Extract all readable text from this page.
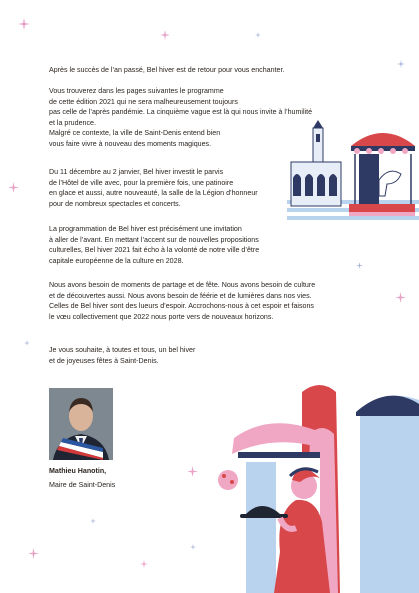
Après le succès de l’an passé, Bel hiver est de retour pour vous enchanter.

Vous trouverez dans les pages suivantes le programme
de cette édition 2021 qui ne sera malheureusement toujours
pas celle de l’après pandémie. La cinquième vague est là qui nous invite à l’humilité
et la prudence.
Malgré ce contexte, la ville de Saint-Denis entend bien
vous faire vivre à nouveau des moments magiques.

Du 11 décembre au 2 janvier, Bel hiver investit le parvis
de l’Hôtel de ville avec, pour la première fois, une patinoire
en glace et aussi, autre nouveauté, la salle de la Légion d’honneur
pour de nombreux spectacles et concerts.

La programmation de Bel hiver est précisément une invitation
à aller de l’avant. En mettant l’accent sur de nouvelles propositions
culturelles, Bel hiver 2021 fait écho à la volonté de notre ville d’être
capitale européenne de la culture en 2028.

Nous avons besoin de moments de partage et de fête. Nous avons besoin de culture
et de découvertes aussi. Nous avons besoin de féérie et de lumières dans nos vies.
Celles de Bel hiver sont des lueurs d’espoir. Accrochons-nous à cet espoir et faisons
le vœu collectivement que 2022 nous porte vers de nouveaux horizons.

Je vous souhaite, à toutes et tous, un bel hiver
et de joyeuses fêtes à Saint-Denis.

Mathieu Hanotin,
Maire de Saint-Denis
